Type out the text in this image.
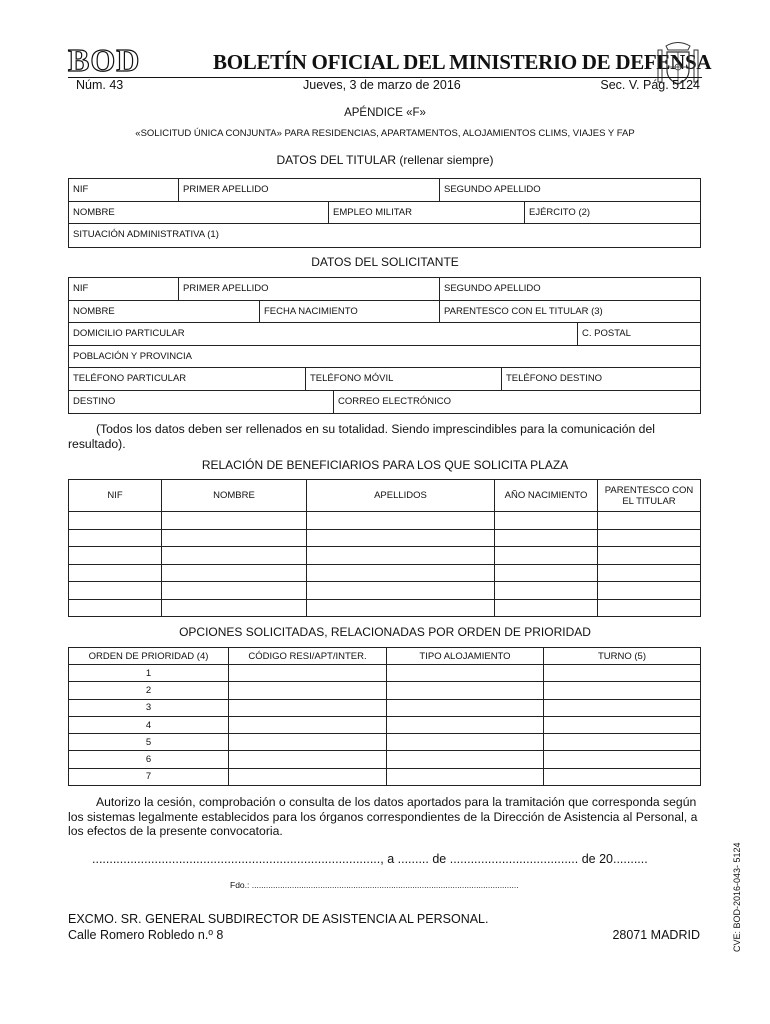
BOD	BOLETÍN OFICIAL DEL MINISTERIO DE DEFENSA
Núm. 43	Jueves, 3 de marzo de 2016	Sec. V. Pág. 5124
APÉNDICE «F»
«SOLICITUD ÚNICA CONJUNTA» PARA RESIDENCIAS, APARTAMENTOS, ALOJAMIENTOS CLIMS, VIAJES Y FAP
DATOS DEL TITULAR (rellenar siempre)
NIF	PRIMER APELLIDO	SEGUNDO APELLIDO
NOMBRE	EMPLEO MILITAR	EJÉRCITO (2)
SITUACIÓN ADMINISTRATIVA (1)
DATOS DEL SOLICITANTE
NIF	PRIMER APELLIDO	SEGUNDO APELLIDO
NOMBRE	FECHA NACIMIENTO	PARENTESCO CON EL TITULAR (3)
DOMICILIO PARTICULAR	C. POSTAL
POBLACIÓN Y PROVINCIA
TELÉFONO PARTICULAR	TELÉFONO MÓVIL	TELÉFONO DESTINO
DESTINO	CORREO ELECTRÓNICO
(Todos los datos deben ser rellenados en su totalidad. Siendo imprescindibles para la comunicación del resultado).
RELACIÓN DE BENEFICIARIOS PARA LOS QUE SOLICITA PLAZA
NIF	NOMBRE	APELLIDOS	AÑO NACIMIENTO	PARENTESCO CON EL TITULAR

OPCIONES SOLICITADAS, RELACIONADAS POR ORDEN DE PRIORIDAD
ORDEN DE PRIORIDAD (4)	CÓDIGO RESI/APT/INTER.	TIPO ALOJAMIENTO	TURNO (5)
1			
2			
3			
4			
5			
6			
7			
Autorizo la cesión, comprobación o consulta de los datos aportados para la tramitación que corresponda según los sistemas legalmente establecidos para los órganos correspondientes de la Dirección de Asistencia al Personal, a los efectos de la presente convocatoria.
..................................................................................., a ......... de ..................................... de 20..........
Fdo.: .................................................................................................................
EXCMO. SR. GENERAL SUBDIRECTOR DE ASISTENCIA AL PERSONAL.
Calle Romero Robledo n.º 8	28071 MADRID	CVE: BOD-2016-043- 5124
